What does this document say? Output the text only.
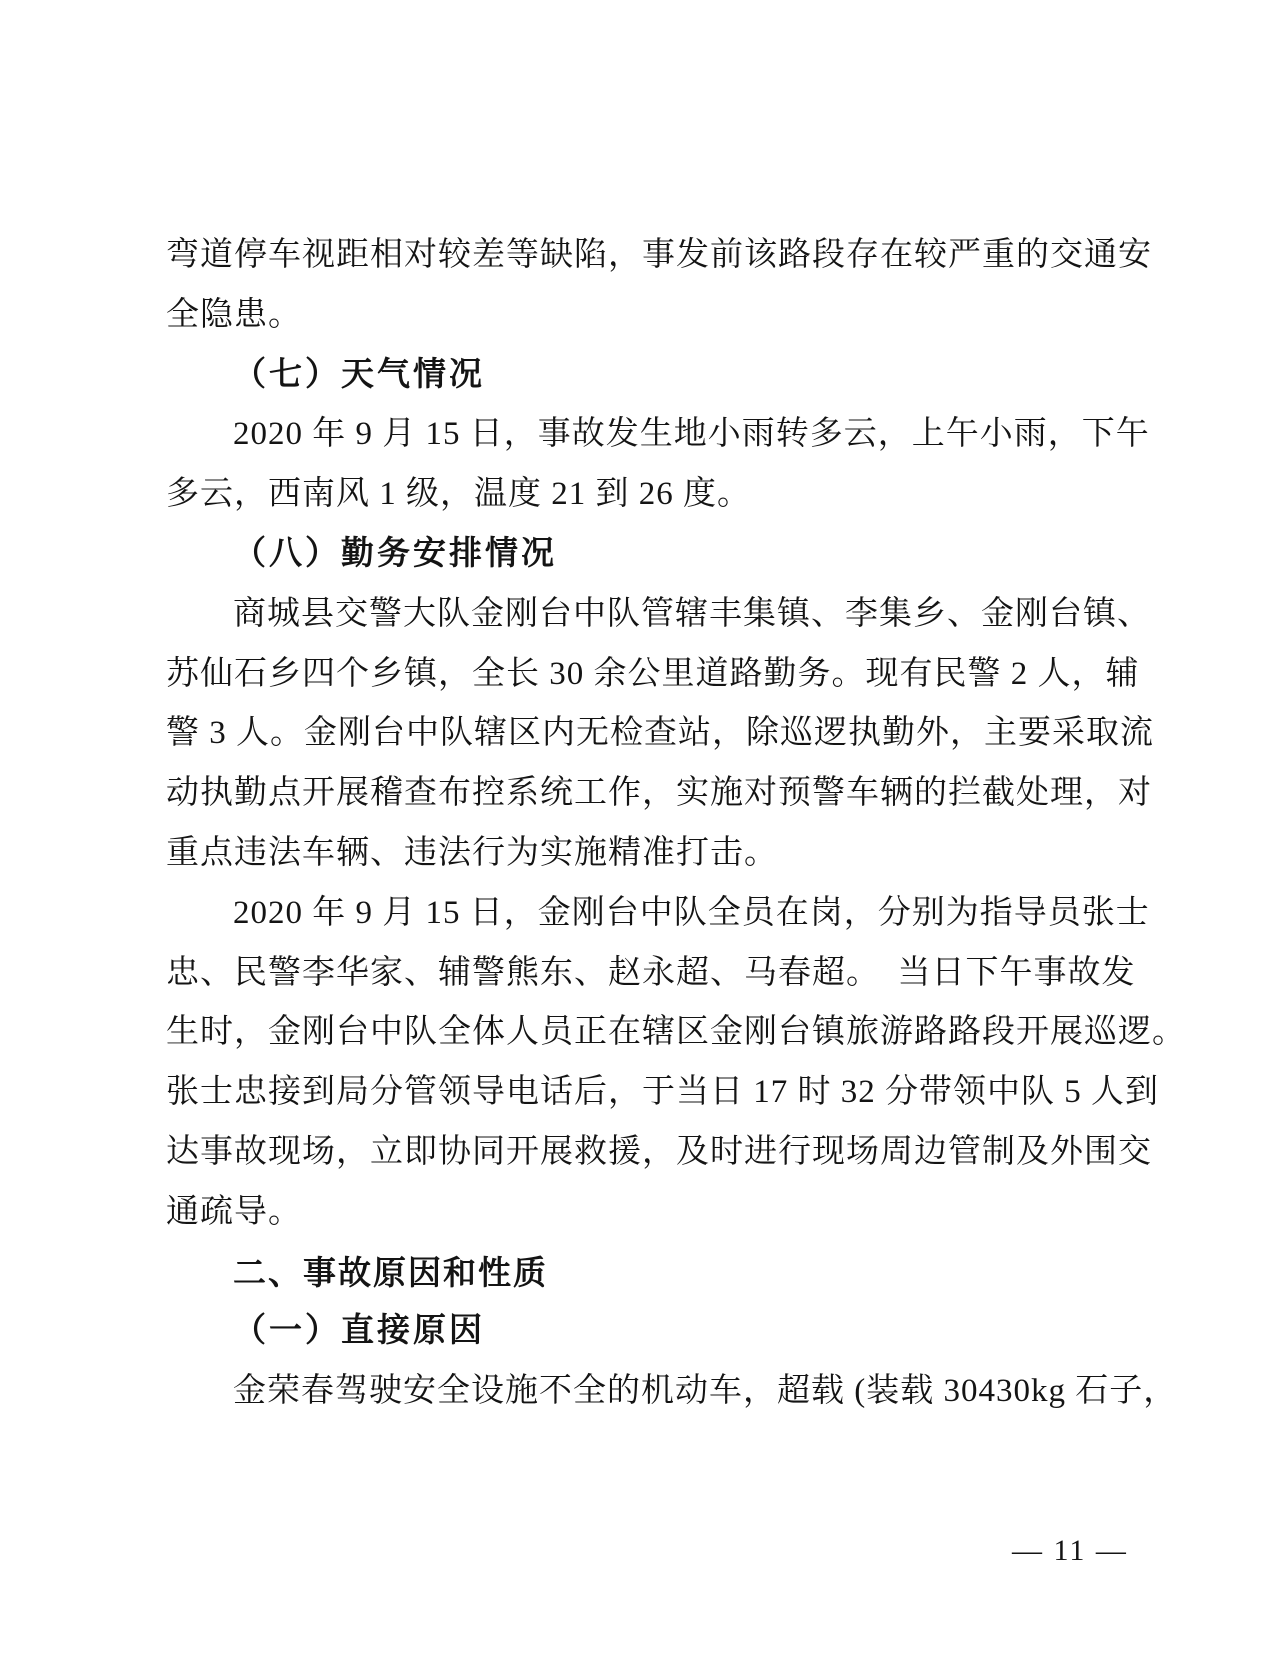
弯道停车视距相对较差等缺陷，事发前该路段存在较严重的交通安
全隐患。
（七）天气情况
2020 年 9 月 15 日，事故发生地小雨转多云，上午小雨，下午
多云，西南风 1 级，温度 21 到 26 度。
（八）勤务安排情况
商城县交警大队金刚台中队管辖丰集镇、李集乡、金刚台镇、
苏仙石乡四个乡镇，全长 30 余公里道路勤务。现有民警 2 人，辅
警 3 人。金刚台中队辖区内无检查站，除巡逻执勤外，主要采取流
动执勤点开展稽查布控系统工作，实施对预警车辆的拦截处理，对
重点违法车辆、违法行为实施精准打击。
2020 年 9 月 15 日，金刚台中队全员在岗，分别为指导员张士
忠、民警李华家、辅警熊东、赵永超、马春超。　当日下午事故发
生时，金刚台中队全体人员正在辖区金刚台镇旅游路路段开展巡逻。
张士忠接到局分管领导电话后，于当日 17 时 32 分带领中队 5 人到
达事故现场，立即协同开展救援，及时进行现场周边管制及外围交
通疏导。
二、事故原因和性质
（一）直接原因
金荣春驾驶安全设施不全的机动车，超载 (装载 30430kg 石子，
— 11 —
